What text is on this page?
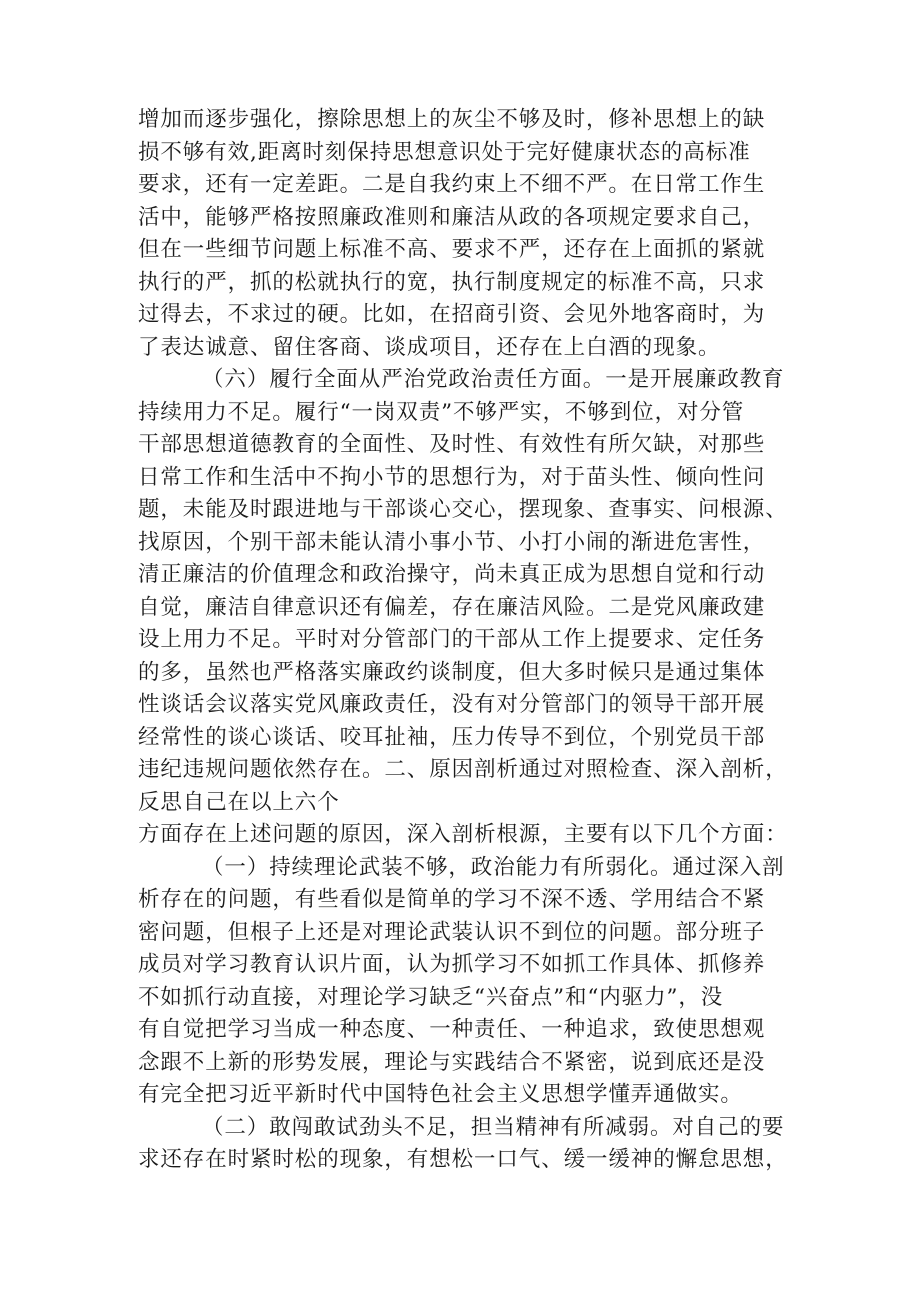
增加而逐步强化，擦除思想上的灰尘不够及时，修补思想上的缺
损不够有效,距离时刻保持思想意识处于完好健康状态的高标准
要求，还有一定差距。二是自我约束上不细不严。在日常工作生
活中，能够严格按照廉政准则和廉洁从政的各项规定要求自己，
但在一些细节问题上标准不高、要求不严，还存在上面抓的紧就
执行的严，抓的松就执行的宽，执行制度规定的标准不高，只求
过得去，不求过的硬。比如，在招商引资、会见外地客商时，为
了表达诚意、留住客商、谈成项目，还存在上白酒的现象。
（六）履行全面从严治党政治责任方面。一是开展廉政教育
持续用力不足。履行“一岗双责”不够严实，不够到位，对分管
干部思想道德教育的全面性、及时性、有效性有所欠缺，对那些
日常工作和生活中不拘小节的思想行为，对于苗头性、倾向性问
题，未能及时跟进地与干部谈心交心，摆现象、查事实、问根源、
找原因，个别干部未能认清小事小节、小打小闹的渐进危害性，
清正廉洁的价值理念和政治操守，尚未真正成为思想自觉和行动
自觉，廉洁自律意识还有偏差，存在廉洁风险。二是党风廉政建
设上用力不足。平时对分管部门的干部从工作上提要求、定任务
的多，虽然也严格落实廉政约谈制度，但大多时候只是通过集体
性谈话会议落实党风廉政责任，没有对分管部门的领导干部开展
经常性的谈心谈话、咬耳扯袖，压力传导不到位，个别党员干部
违纪违规问题依然存在。二、原因剖析通过对照检查、深入剖析，
反思自己在以上六个
方面存在上述问题的原因，深入剖析根源，主要有以下几个方面：
（一）持续理论武装不够，政治能力有所弱化。通过深入剖
析存在的问题，有些看似是简单的学习不深不透、学用结合不紧
密问题，但根子上还是对理论武装认识不到位的问题。部分班子
成员对学习教育认识片面，认为抓学习不如抓工作具体、抓修养
不如抓行动直接，对理论学习缺乏“兴奋点”和“内驱力”，没
有自觉把学习当成一种态度、一种责任、一种追求，致使思想观
念跟不上新的形势发展，理论与实践结合不紧密，说到底还是没
有完全把习近平新时代中国特色社会主义思想学懂弄通做实。
（二）敢闯敢试劲头不足，担当精神有所减弱。对自己的要
求还存在时紧时松的现象，有想松一口气、缓一缓神的懈怠思想，
